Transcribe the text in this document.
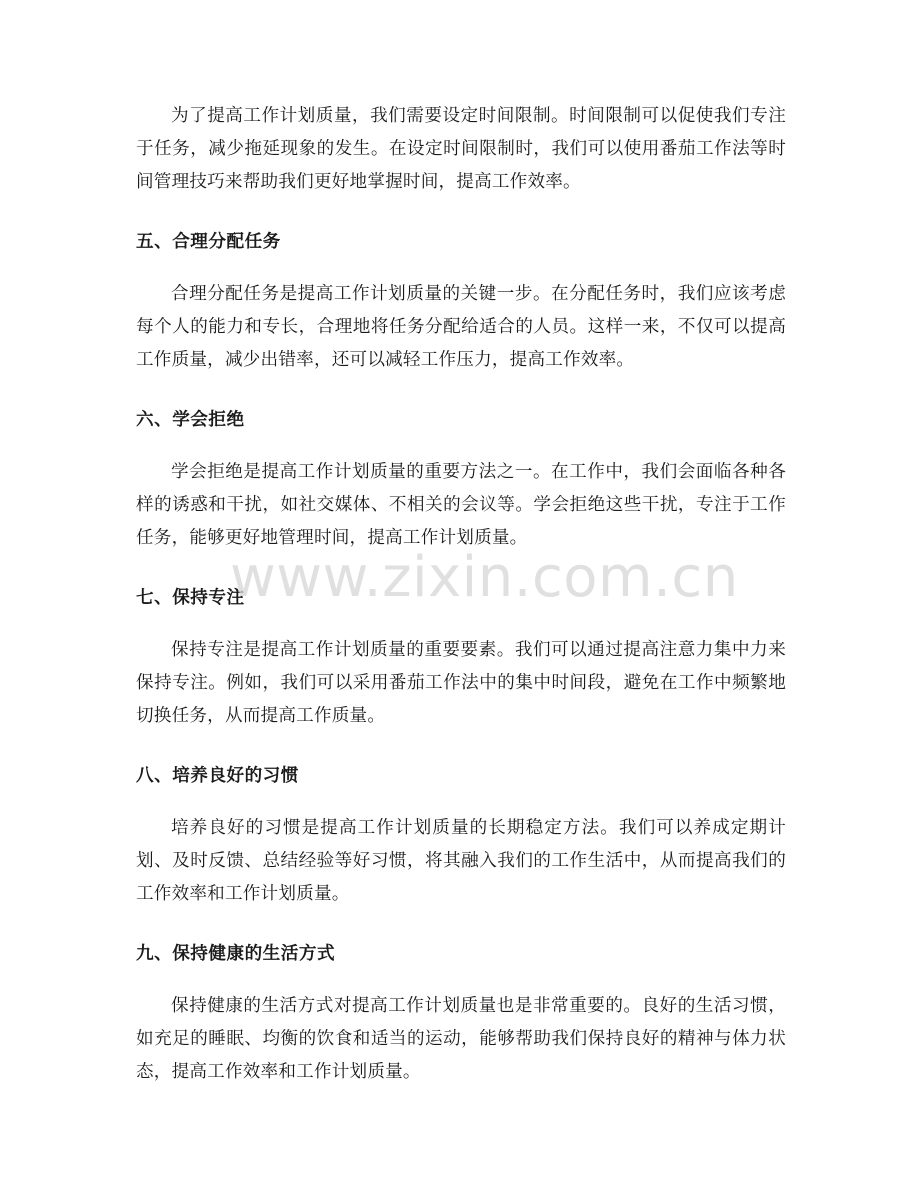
为了提高工作计划质量，我们需要设定时间限制。时间限制可以促使我们专注于任务，减少拖延现象的发生。在设定时间限制时，我们可以使用番茄工作法等时间管理技巧来帮助我们更好地掌握时间，提高工作效率。

五、合理分配任务

合理分配任务是提高工作计划质量的关键一步。在分配任务时，我们应该考虑每个人的能力和专长，合理地将任务分配给适合的人员。这样一来，不仅可以提高工作质量，减少出错率，还可以减轻工作压力，提高工作效率。

六、学会拒绝

学会拒绝是提高工作计划质量的重要方法之一。在工作中，我们会面临各种各样的诱惑和干扰，如社交媒体、不相关的会议等。学会拒绝这些干扰，专注于工作任务，能够更好地管理时间，提高工作计划质量。

七、保持专注

保持专注是提高工作计划质量的重要要素。我们可以通过提高注意力集中力来保持专注。例如，我们可以采用番茄工作法中的集中时间段，避免在工作中频繁地切换任务，从而提高工作质量。

八、培养良好的习惯

培养良好的习惯是提高工作计划质量的长期稳定方法。我们可以养成定期计划、及时反馈、总结经验等好习惯，将其融入我们的工作生活中，从而提高我们的工作效率和工作计划质量。

九、保持健康的生活方式

保持健康的生活方式对提高工作计划质量也是非常重要的。良好的生活习惯，如充足的睡眠、均衡的饮食和适当的运动，能够帮助我们保持良好的精神与体力状态，提高工作效率和工作计划质量。

www.zixin.com.cn
